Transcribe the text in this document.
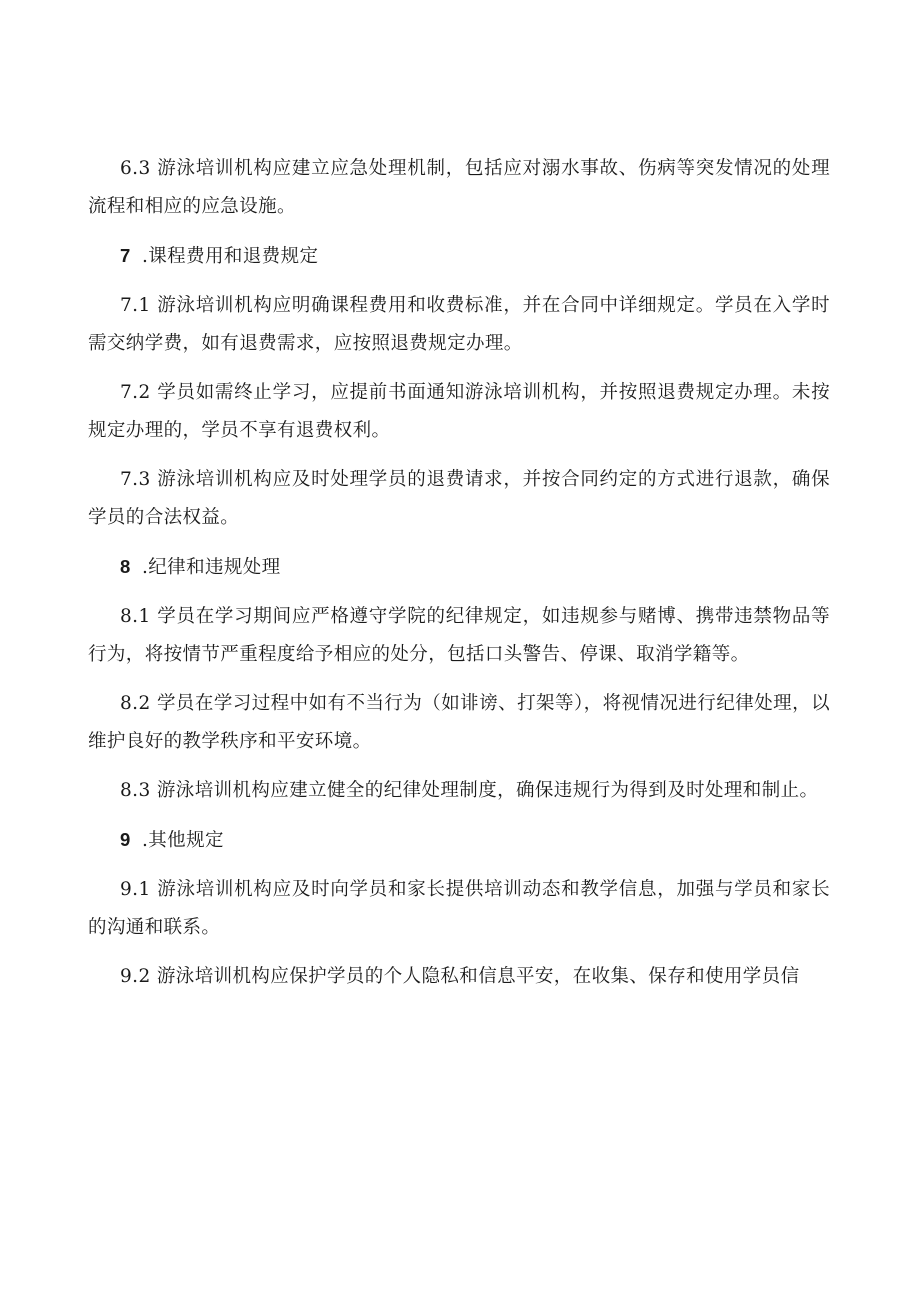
6.3 游泳培训机构应建立应急处理机制，包括应对溺水事故、伤病等突发情况的处理流程和相应的应急设施。

7 .课程费用和退费规定

7.1 游泳培训机构应明确课程费用和收费标准，并在合同中详细规定。学员在入学时需交纳学费，如有退费需求，应按照退费规定办理。

7.2 学员如需终止学习，应提前书面通知游泳培训机构，并按照退费规定办理。未按规定办理的，学员不享有退费权利。

7.3 游泳培训机构应及时处理学员的退费请求，并按合同约定的方式进行退款，确保学员的合法权益。

8 .纪律和违规处理

8.1 学员在学习期间应严格遵守学院的纪律规定，如违规参与赌博、携带违禁物品等行为，将按情节严重程度给予相应的处分，包括口头警告、停课、取消学籍等。

8.2 学员在学习过程中如有不当行为（如诽谤、打架等），将视情况进行纪律处理，以维护良好的教学秩序和平安环境。

8.3 游泳培训机构应建立健全的纪律处理制度，确保违规行为得到及时处理和制止。

9 .其他规定

9.1 游泳培训机构应及时向学员和家长提供培训动态和教学信息，加强与学员和家长的沟通和联系。

9.2 游泳培训机构应保护学员的个人隐私和信息平安，在收集、保存和使用学员信
